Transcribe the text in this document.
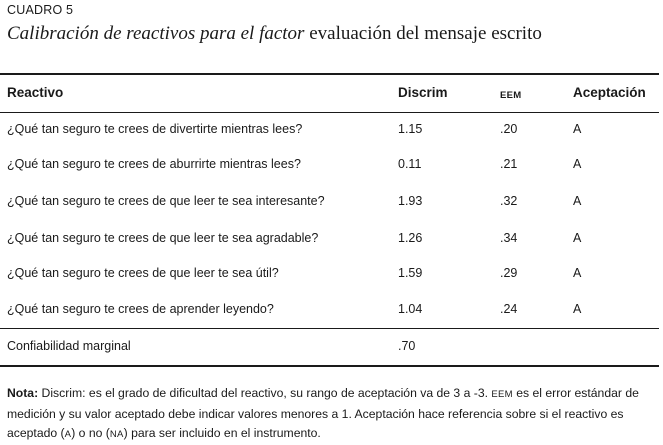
CUADRO 5
Calibración de reactivos para el factor evaluación del mensaje escrito
Reactivo	Discrim	EEM	Aceptación
¿Qué tan seguro te crees de divertirte mientras lees?	1.15	.20	A
¿Qué tan seguro te crees de aburrirte mientras lees?	0.11	.21	A
¿Qué tan seguro te crees de que leer te sea interesante?	1.93	.32	A
¿Qué tan seguro te crees de que leer te sea agradable?	1.26	.34	A
¿Qué tan seguro te crees de que leer te sea útil?	1.59	.29	A
¿Qué tan seguro te crees de aprender leyendo?	1.04	.24	A
Confiabilidad marginal	.70
Nota: Discrim: es el grado de dificultad del reactivo, su rango de aceptación va de 3 a -3. EEM es el error estándar de medición y su valor aceptado debe indicar valores menores a 1. Aceptación hace referencia sobre si el reactivo es aceptado (A) o no (NA) para ser incluido en el instrumento.
